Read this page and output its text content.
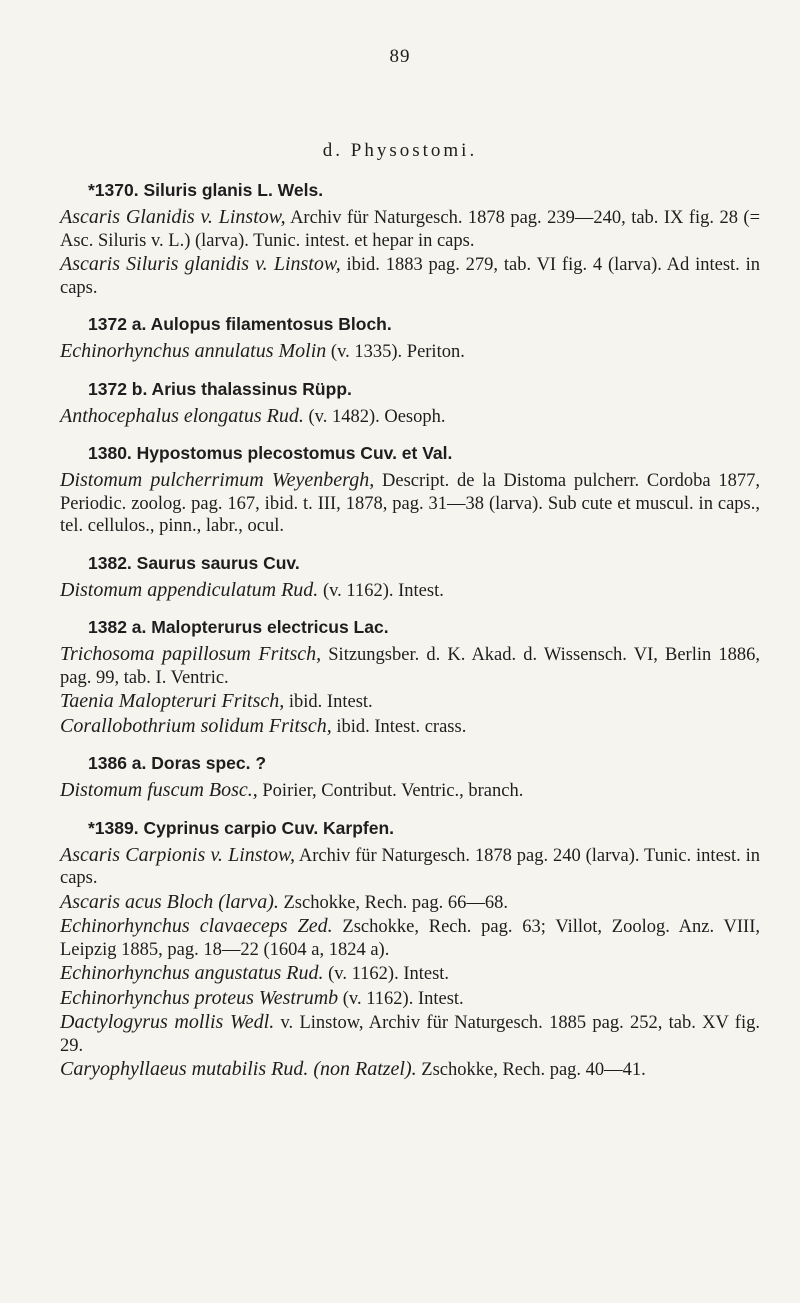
89
d. Physostomi.
*1370. Siluris glanis L. Wels.
Ascaris Glanidis v. Linstow, Archiv für Naturgesch. 1878 pag. 239—240, tab. IX fig. 28 (= Asc. Siluris v. L.) (larva). Tunic. intest. et hepar in caps.
Ascaris Siluris glanidis v. Linstow, ibid. 1883 pag. 279, tab. VI fig. 4 (larva). Ad intest. in caps.
1372 a. Aulopus filamentosus Bloch.
Echinorhynchus annulatus Molin (v. 1335). Periton.
1372 b. Arius thalassinus Rüpp.
Anthocephalus elongatus Rud. (v. 1482). Oesoph.
1380. Hypostomus plecostomus Cuv. et Val.
Distomum pulcherrimum Weyenbergh, Descript. de la Distoma pulcherr. Cordoba 1877, Periodic. zoolog. pag. 167, ibid. t. III, 1878, pag. 31—38 (larva). Sub cute et muscul. in caps., tel. cellulos., pinn., labr., ocul.
1382. Saurus saurus Cuv.
Distomum appendiculatum Rud. (v. 1162). Intest.
1382 a. Malopterurus electricus Lac.
Trichosoma papillosum Fritsch, Sitzungsber. d. K. Akad. d. Wissensch. VI, Berlin 1886, pag. 99, tab. I. Ventric.
Taenia Malopteruri Fritsch, ibid. Intest.
Corallobothrium solidum Fritsch, ibid. Intest. crass.
1386 a. Doras spec. ?
Distomum fuscum Bosc., Poirier, Contribut. Ventric., branch.
*1389. Cyprinus carpio Cuv. Karpfen.
Ascaris Carpionis v. Linstow, Archiv für Naturgesch. 1878 pag. 240 (larva). Tunic. intest. in caps.
Ascaris acus Bloch (larva). Zschokke, Rech. pag. 66—68.
Echinorhynchus clavaeceps Zed. Zschokke, Rech. pag. 63; Villot, Zoolog. Anz. VIII, Leipzig 1885, pag. 18—22 (1604 a, 1824 a).
Echinorhynchus angustatus Rud. (v. 1162). Intest.
Echinorhynchus proteus Westrumb (v. 1162). Intest.
Dactylogyrus mollis Wedl. v. Linstow, Archiv für Naturgesch. 1885 pag. 252, tab. XV fig. 29.
Caryophyllaeus mutabilis Rud. (non Ratzel). Zschokke, Rech. pag. 40—41.
